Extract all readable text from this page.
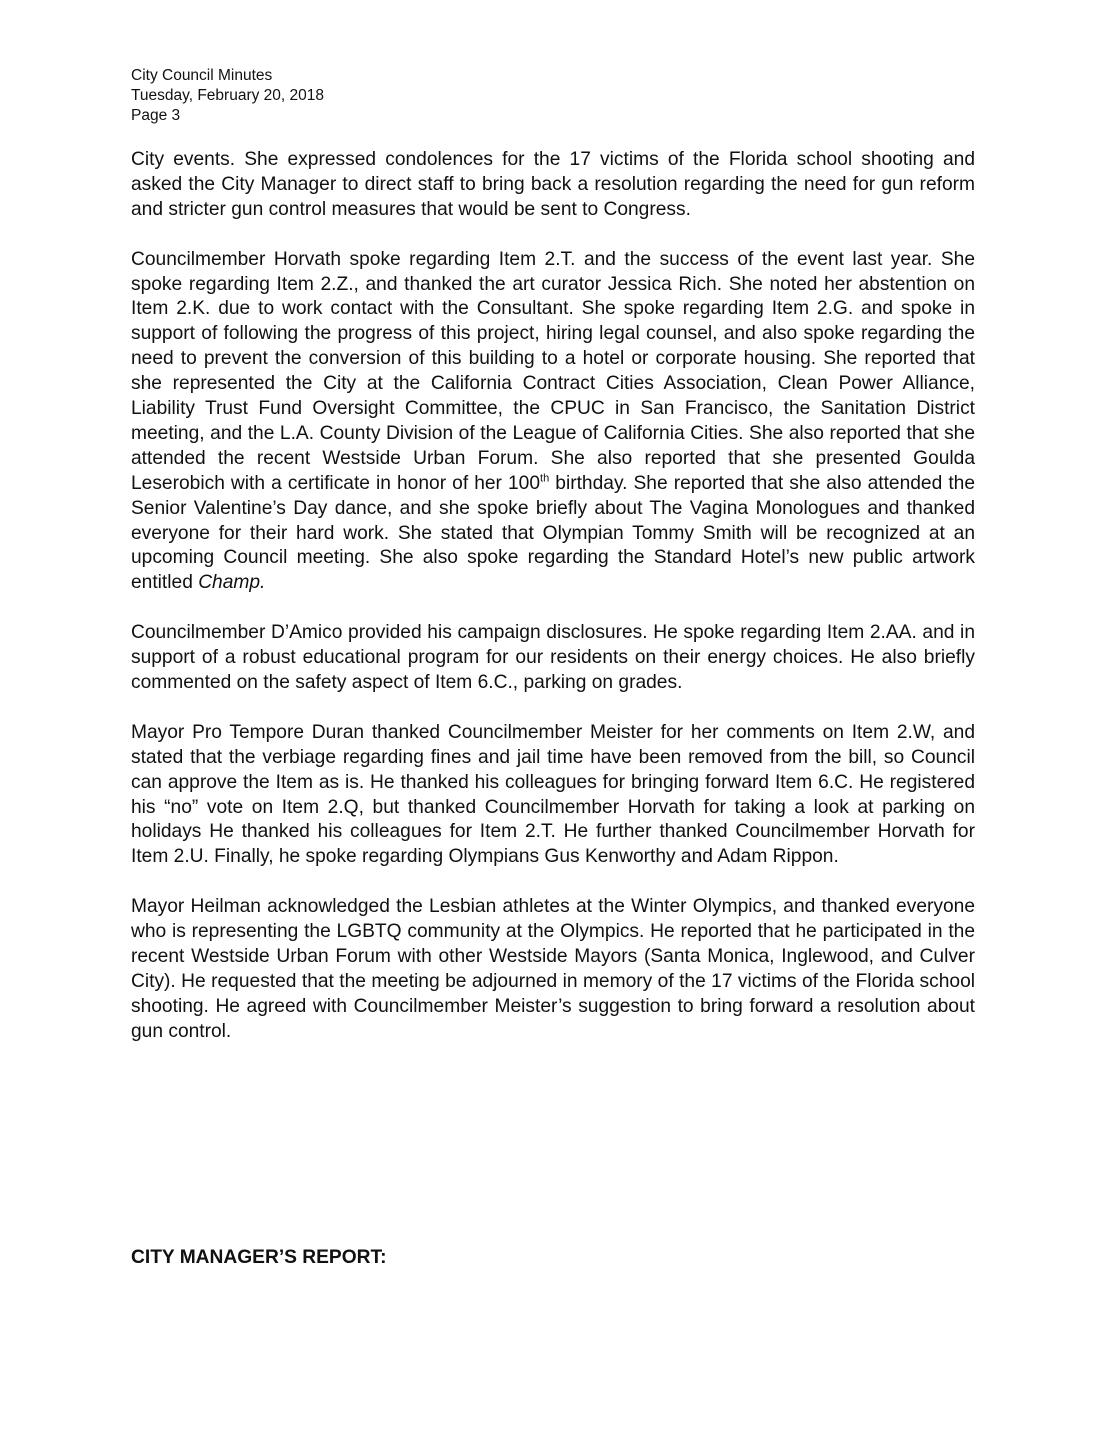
City Council Minutes
Tuesday, February 20, 2018
Page 3

City events. She expressed condolences for the 17 victims of the Florida school shooting and asked the City Manager to direct staff to bring back a resolution regarding the need for gun reform and stricter gun control measures that would be sent to Congress.

Councilmember Horvath spoke regarding Item 2.T. and the success of the event last year. She spoke regarding Item 2.Z., and thanked the art curator Jessica Rich. She noted her abstention on Item 2.K. due to work contact with the Consultant. She spoke regarding Item 2.G. and spoke in support of following the progress of this project, hiring legal counsel, and also spoke regarding the need to prevent the conversion of this building to a hotel or corporate housing. She reported that she represented the City at the California Contract Cities Association, Clean Power Alliance, Liability Trust Fund Oversight Committee, the CPUC in San Francisco, the Sanitation District meeting, and the L.A. County Division of the League of California Cities. She also reported that she attended the recent Westside Urban Forum. She also reported that she presented Goulda Leserobich with a certificate in honor of her 100th birthday. She reported that she also attended the Senior Valentine’s Day dance, and she spoke briefly about The Vagina Monologues and thanked everyone for their hard work. She stated that Olympian Tommy Smith will be recognized at an upcoming Council meeting. She also spoke regarding the Standard Hotel’s new public artwork entitled Champ.

Councilmember D’Amico provided his campaign disclosures. He spoke regarding Item 2.AA. and in support of a robust educational program for our residents on their energy choices. He also briefly commented on the safety aspect of Item 6.C., parking on grades.

Mayor Pro Tempore Duran thanked Councilmember Meister for her comments on Item 2.W, and stated that the verbiage regarding fines and jail time have been removed from the bill, so Council can approve the Item as is. He thanked his colleagues for bringing forward Item 6.C. He registered his “no” vote on Item 2.Q, but thanked Councilmember Horvath for taking a look at parking on holidays He thanked his colleagues for Item 2.T. He further thanked Councilmember Horvath for Item 2.U. Finally, he spoke regarding Olympians Gus Kenworthy and Adam Rippon.

Mayor Heilman acknowledged the Lesbian athletes at the Winter Olympics, and thanked everyone who is representing the LGBTQ community at the Olympics. He reported that he participated in the recent Westside Urban Forum with other Westside Mayors (Santa Monica, Inglewood, and Culver City). He requested that the meeting be adjourned in memory of the 17 victims of the Florida school shooting. He agreed with Councilmember Meister’s suggestion to bring forward a resolution about gun control.

CITY MANAGER’S REPORT:
